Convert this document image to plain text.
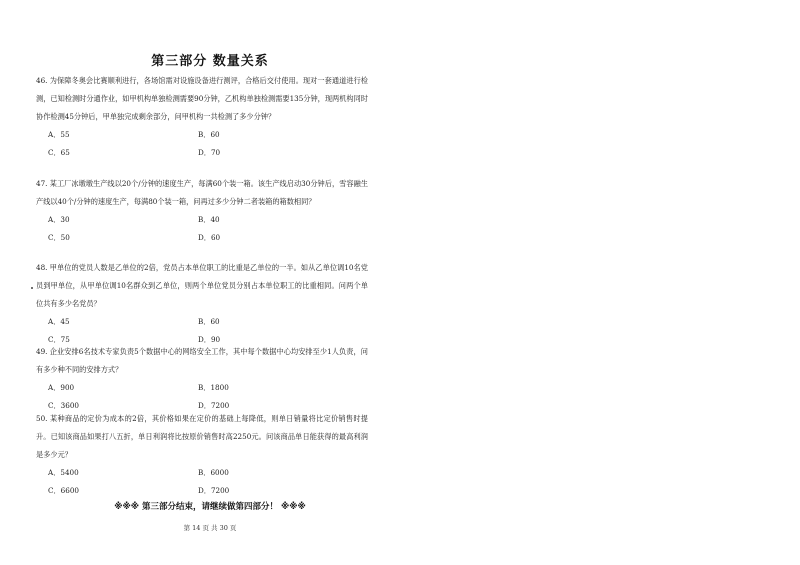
第三部分 数量关系

46. 为保障冬奥会比赛顺利进行，各场馆需对设施设备进行测评，合格后交付使用。现对一套通道进行检测，已知检测时分通作业，如甲机构单独检测需要90分钟，乙机构单独检测需要135分钟，现两机构同时协作检测45分钟后，甲单独完成剩余部分，问甲机构一共检测了多少分钟？

A．55	B．60
C．65	D．70

47. 某工厂冰墩墩生产线以20个/分钟的速度生产，每满60个装一箱。该生产线启动30分钟后，雪容融生产线以40个/分钟的速度生产，每满80个装一箱，问再过多少分钟二者装箱的箱数相同？

A．30	B．40
C．50	D．60

48. 甲单位的党员人数是乙单位的2倍，党员占本单位职工的比重是乙单位的一半。如从乙单位调10名党员到甲单位，从甲单位调10名群众到乙单位，则两个单位党员分别占本单位职工的比重相同。问两个单位共有多少名党员？

A．45	B．60
C．75	D．90

49. 企业安排6名技术专家负责5个数据中心的网络安全工作，其中每个数据中心均安排至少1人负责，问有多少种不同的安排方式？

A．900	B．1800
C．3600	D．7200

50. 某种商品的定价为成本的2倍，其价格如果在定价的基础上每降低，则单日销量将比定价销售时提升。已知该商品如果打八五折，单日利润将比按原价销售时高2250元。问该商品单日能获得的最高利润是多少元？

A．5400	B．6000
C．6600	D．7200
※※※ 第三部分结束，请继续做第四部分！ ※※※
第 14 页 共 30 页
